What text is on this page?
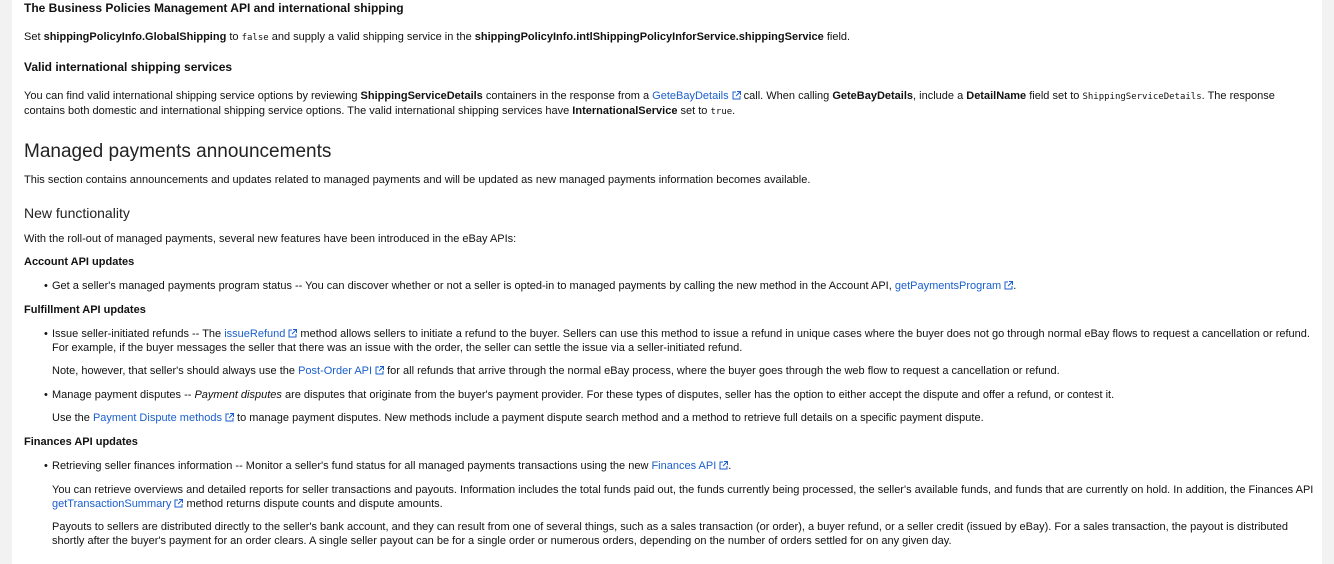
The Business Policies Management API and international shipping
Set shippingPolicyInfo.GlobalShipping to false and supply a valid shipping service in the shippingPolicyInfo.intlShippingPolicyInforService.shippingService field.
Valid international shipping services
You can find valid international shipping service options by reviewing ShippingServiceDetails containers in the response from a GeteBayDetails
call. When calling GeteBayDetails, include a DetailName field set to ShippingServiceDetails. The response contains both domestic and international shipping service options. The valid international shipping services have InternationalService set to true.
Managed payments announcements
This section contains announcements and updates related to managed payments and will be updated as new managed payments information becomes available.
New functionality
With the roll-out of managed payments, several new features have been introduced in the eBay APIs:
Account API updates
• Get a seller's managed payments program status -- You can discover whether or not a seller is opted-in to managed payments by calling the new method in the Account API, getPaymentsProgram .
Fulfillment API updates
• Issue seller-initiated refunds -- The issueRefund
method allows sellers to initiate a refund to the buyer. Sellers can use this method to issue a refund in unique cases where the buyer does not go through normal eBay flows to request a cancellation or refund. For example, if the buyer messages the seller that there was an issue with the order, the seller can settle the issue via a seller-initiated refund.
Note, however, that seller's should always use the Post-Order API
for all refunds that arrive through the normal eBay process, where the buyer goes through the web flow to request a cancellation or refund.
• Manage payment disputes -- Payment disputes are disputes that originate from the buyer's payment provider. For these types of disputes, seller has the option to either accept the dispute and offer a refund, or contest it.
Use the Payment Dispute methods
to manage payment disputes. New methods include a payment dispute search method and a method to retrieve full details on a specific payment dispute.
Finances API updates
• Retrieving seller finances information -- Monitor a seller's fund status for all managed payments transactions using the new Finances API .
You can retrieve overviews and detailed reports for seller transactions and payouts. Information includes the total funds paid out, the funds currently being processed, the seller's available funds, and funds that are currently on hold. In addition, the Finances API getTransactionSummary
method returns dispute counts and dispute amounts.
Payouts to sellers are distributed directly to the seller's bank account, and they can result from one of several things, such as a sales transaction (or order), a buyer refund, or a seller credit (issued by eBay). For a sales transaction, the payout is distributed shortly after the buyer's payment for an order clears. A single seller payout can be for a single order or numerous orders, depending on the number of orders settled for on any given day.
